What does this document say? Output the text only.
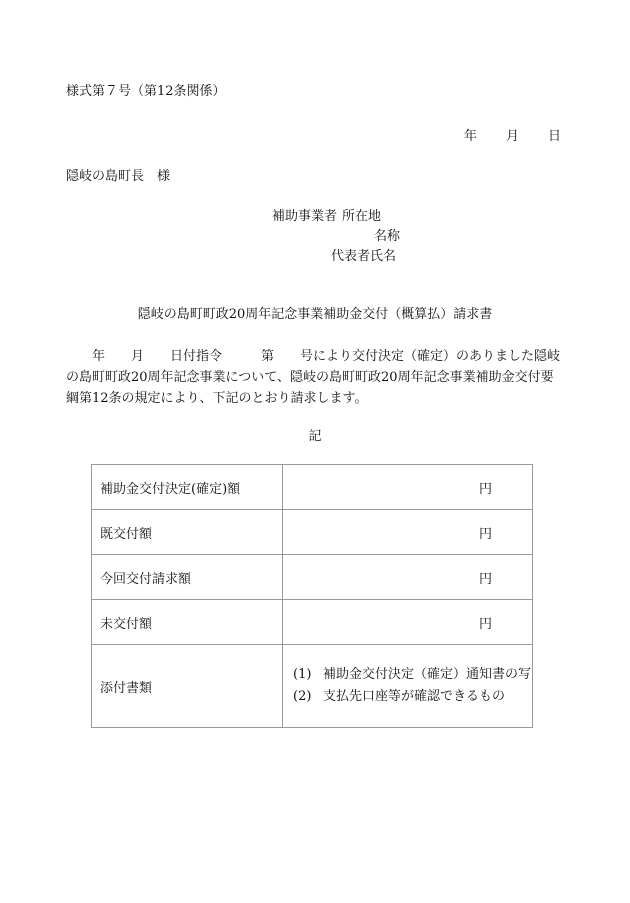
様式第７号（第12条関係）
年 月 日
隠岐の島町長　様
補助事業者 所在地
名称
代表者氏名
隠岐の島町町政20周年記念事業補助金交付（概算払）請求書

年　　月　　日付指令　　　第　　号により交付決定（確定）のありました隠岐

の島町町政20周年記念事業について、隠岐の島町町政20周年記念事業補助金交付要

綱第12条の規定により、下記のとおり請求します。

記
補助金交付決定(確定)額	円
既交付額	円
今回交付請求額	円
未交付額	円
添付書類	(1) 補助金交付決定（確定）通知書の写
(2) 支払先口座等が確認できるもの
